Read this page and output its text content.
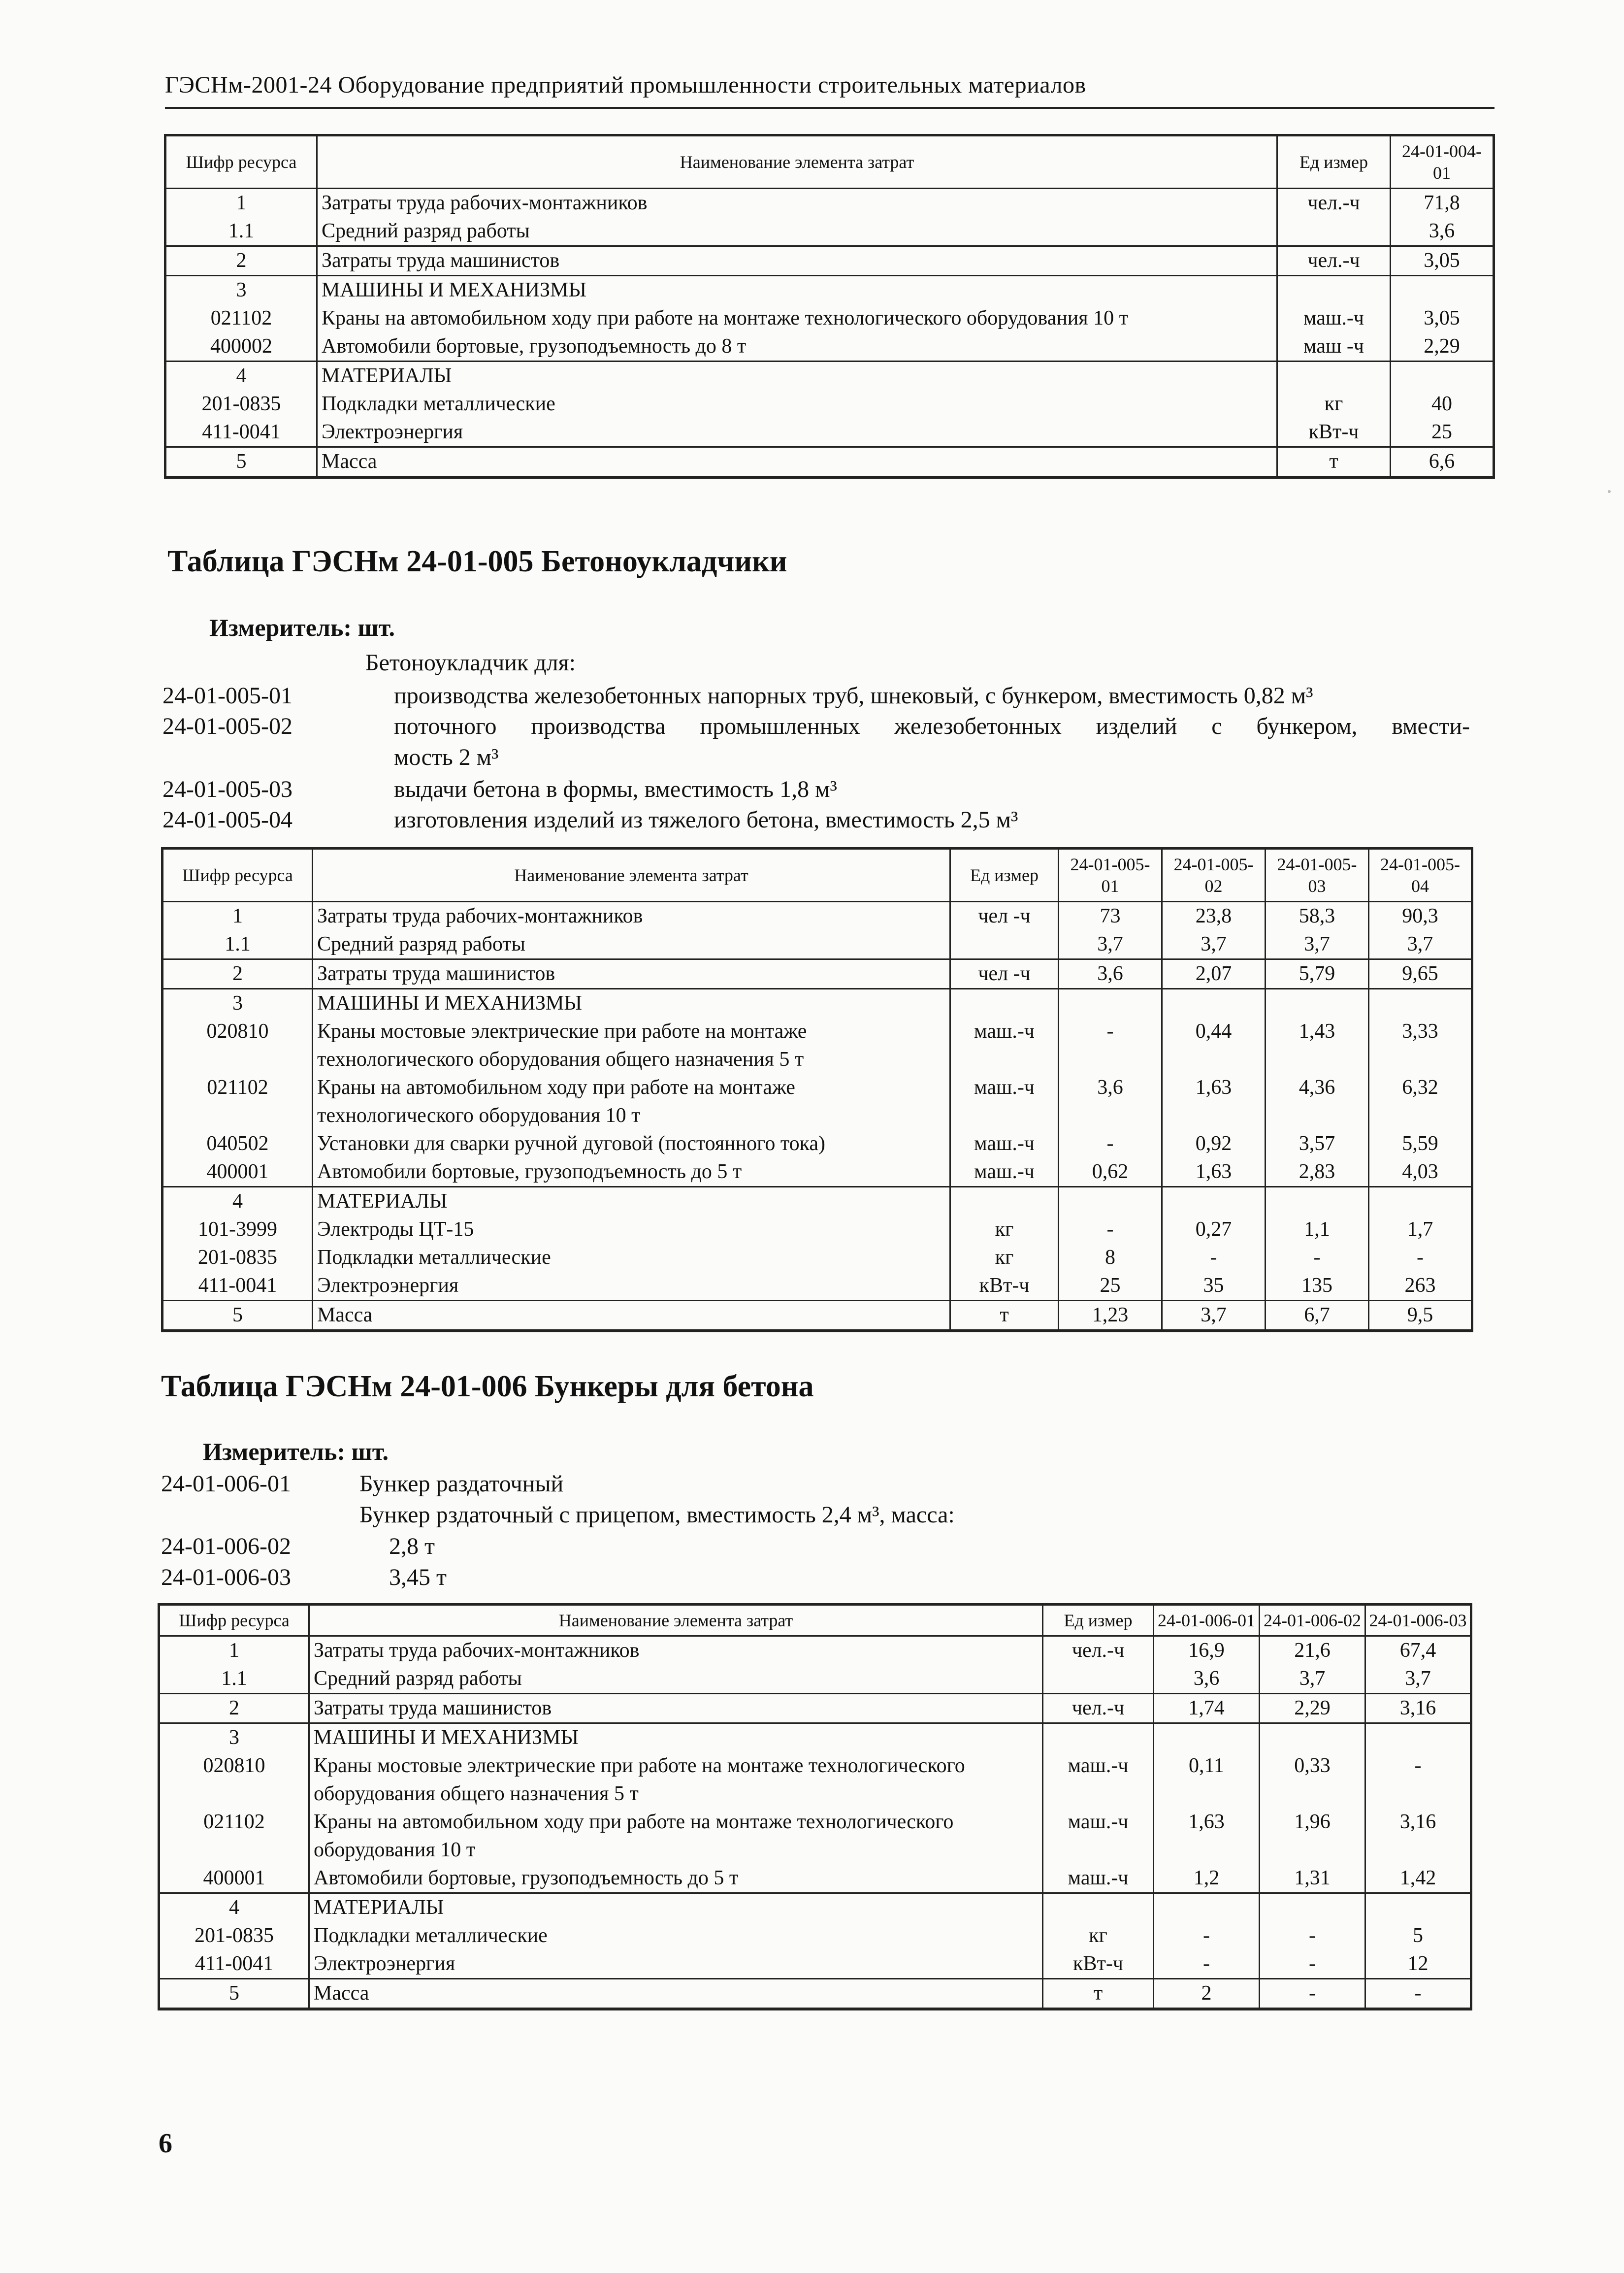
ГЭСНм-2001-24 Оборудование предприятий промышленности строительных материалов
Шифр ресурса	Наименование элемента затрат	Ед измер	24-01-004-01
1	Затраты труда рабочих-монтажников	чел.-ч	71,8
1.1	Средний разряд работы		3,6
2	Затраты труда машинистов	чел.-ч	3,05
3	МАШИНЫ И МЕХАНИЗМЫ		
021102	Краны на автомобильном ходу при работе на монтаже технологического оборудования 10 т	маш.-ч	3,05
400002	Автомобили бортовые, грузоподъемность до 8 т	маш -ч	2,29
4	МАТЕРИАЛЫ		
201-0835	Подкладки металлические	кг	40
411-0041	Электроэнергия	кВт-ч	25
5	Масса	т	6,6
Таблица ГЭСНм 24-01-005 Бетоноукладчики
Измеритель: шт.
Бетоноукладчик для:
24-01-005-01	производства железобетонных напорных труб, шнековый, с бункером, вместимость 0,82 м³
24-01-005-02	поточного производства промышленных железобетонных изделий с бункером, вмести-
мость 2 м³
24-01-005-03	выдачи бетона в формы, вместимость 1,8 м³
24-01-005-04	изготовления изделий из тяжелого бетона, вместимость 2,5 м³
Шифр ресурса	Наименование элемента затрат	Ед измер	24-01-005-01	24-01-005-02	24-01-005-03	24-01-005-04
1	Затраты труда рабочих-монтажников	чел -ч	73	23,8	58,3	90,3
1.1	Средний разряд работы		3,7	3,7	3,7	3,7
2	Затраты труда машинистов	чел -ч	3,6	2,07	5,79	9,65
3	МАШИНЫ И МЕХАНИЗМЫ					
020810	Краны мостовые электрические при работе на монтаже технологического оборудования общего назначения 5 т	маш.-ч	-	0,44	1,43	3,33
021102	Краны на автомобильном ходу при работе на монтаже технологического оборудования 10 т	маш.-ч	3,6	1,63	4,36	6,32
040502	Установки для сварки ручной дуговой (постоянного тока)	маш.-ч	-	0,92	3,57	5,59
400001	Автомобили бортовые, грузоподъемность до 5 т	маш.-ч	0,62	1,63	2,83	4,03
4	МАТЕРИАЛЫ					
101-3999	Электроды ЦТ-15	кг	-	0,27	1,1	1,7
201-0835	Подкладки металлические	кг	8	-	-	-
411-0041	Электроэнергия	кВт-ч	25	35	135	263
5	Масса	т	1,23	3,7	6,7	9,5
Таблица ГЭСНм 24-01-006 Бункеры для бетона
Измеритель: шт.
24-01-006-01	Бункер раздаточный
Бункер рздаточный с прицепом, вместимость 2,4 м³, масса:
24-01-006-02	2,8 т
24-01-006-03	3,45 т
Шифр ресурса	Наименование элемента затрат	Ед измер	24-01-006-01	24-01-006-02	24-01-006-03
1	Затраты труда рабочих-монтажников	чел.-ч	16,9	21,6	67,4
1.1	Средний разряд работы		3,6	3,7	3,7
2	Затраты труда машинистов	чел.-ч	1,74	2,29	3,16
3	МАШИНЫ И МЕХАНИЗМЫ				
020810	Краны мостовые электрические при работе на монтаже технологического оборудования общего назначения 5 т	маш.-ч	0,11	0,33	-
021102	Краны на автомобильном ходу при работе на монтаже технологического оборудования 10 т	маш.-ч	1,63	1,96	3,16
400001	Автомобили бортовые, грузоподъемность до 5 т	маш.-ч	1,2	1,31	1,42
4	МАТЕРИАЛЫ				
201-0835	Подкладки металлические	кг	-	-	5
411-0041	Электроэнергия	кВт-ч	-	-	12
5	Масса	т	2	-	-
6
